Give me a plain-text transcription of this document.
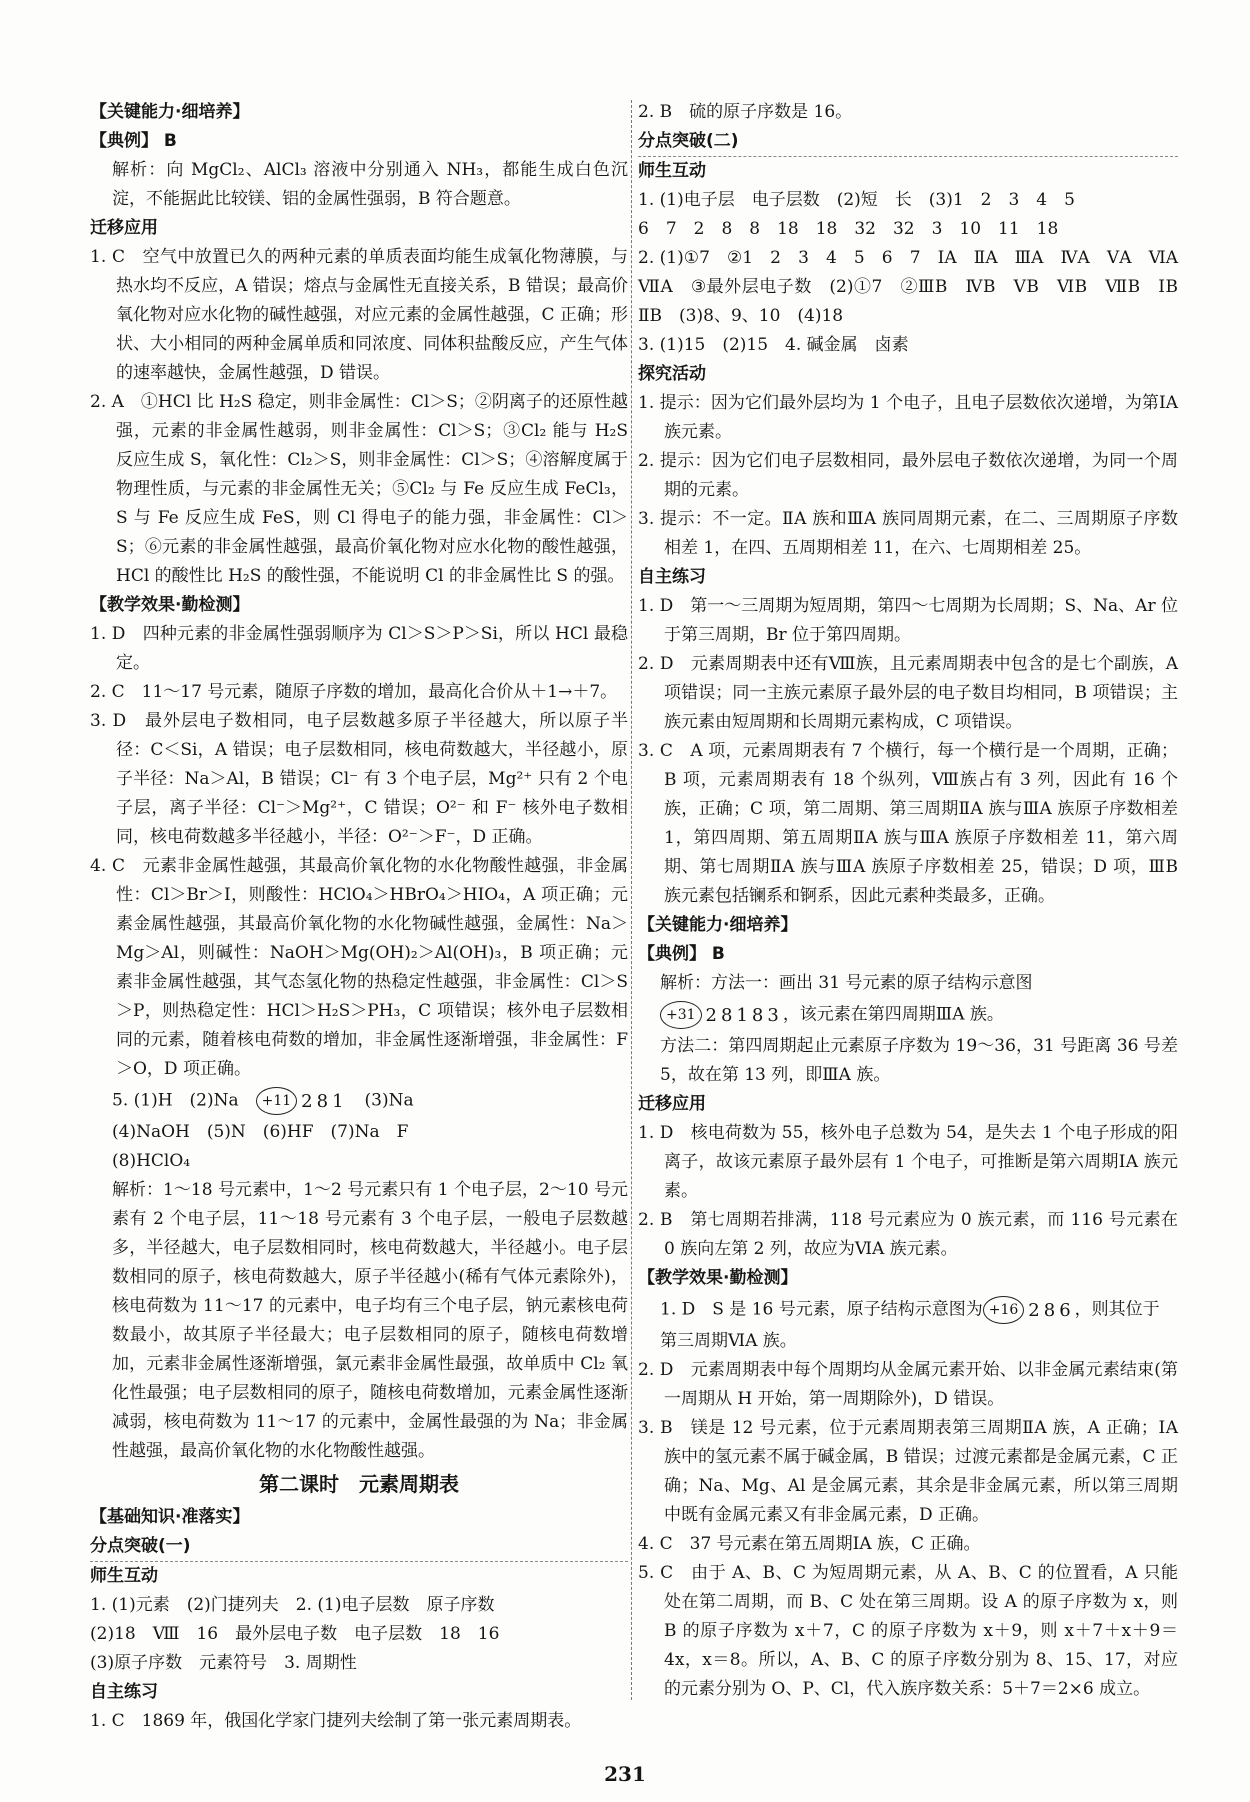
【关键能力·细培养】
【典例】 B
解析：向 MgCl₂、AlCl₃ 溶液中分别通入 NH₃，都能生成白色沉淀，不能据此比较镁、铝的金属性强弱，B 符合题意。
迁移应用
1. C　空气中放置已久的两种元素的单质表面均能生成氧化物薄膜，与热水均不反应，A 错误；熔点与金属性无直接关系，B 错误；最高价氧化物对应水化物的碱性越强，对应元素的金属性越强，C 正确；形状、大小相同的两种金属单质和同浓度、同体积盐酸反应，产生气体的速率越快，金属性越强，D 错误。
2. A　①HCl 比 H₂S 稳定，则非金属性：Cl＞S；②阴离子的还原性越强，元素的非金属性越弱，则非金属性：Cl＞S；③Cl₂ 能与 H₂S 反应生成 S，氧化性：Cl₂＞S，则非金属性：Cl＞S；④溶解度属于物理性质，与元素的非金属性无关；⑤Cl₂ 与 Fe 反应生成 FeCl₃，S 与 Fe 反应生成 FeS，则 Cl 得电子的能力强，非金属性：Cl＞S；⑥元素的非金属性越强，最高价氧化物对应水化物的酸性越强，HCl 的酸性比 H₂S 的酸性强，不能说明 Cl 的非金属性比 S 的强。
【教学效果·勤检测】
1. D　四种元素的非金属性强弱顺序为 Cl＞S＞P＞Si，所以 HCl 最稳定。
2. C　11～17 号元素，随原子序数的增加，最高化合价从＋1→＋7。
3. D　最外层电子数相同，电子层数越多原子半径越大，所以原子半径：C＜Si，A 错误；电子层数相同，核电荷数越大，半径越小，原子半径：Na＞Al，B 错误；Cl⁻ 有 3 个电子层，Mg²⁺ 只有 2 个电子层，离子半径：Cl⁻＞Mg²⁺，C 错误；O²⁻ 和 F⁻ 核外电子数相同，核电荷数越多半径越小，半径：O²⁻＞F⁻，D 正确。
4. C　元素非金属性越强，其最高价氧化物的水化物酸性越强，非金属性：Cl＞Br＞I，则酸性：HClO₄＞HBrO₄＞HIO₄，A 项正确；元素金属性越强，其最高价氧化物的水化物碱性越强，金属性：Na＞Mg＞Al，则碱性：NaOH＞Mg(OH)₂＞Al(OH)₃，B 项正确；元素非金属性越强，其气态氢化物的热稳定性越强，非金属性：Cl＞S＞P，则热稳定性：HCl＞H₂S＞PH₃，C 项错误；核外电子层数相同的元素，随着核电荷数的增加，非金属性逐渐增强，非金属性：F＞O，D 项正确。
5. (1)H　(2)Na　 +11 281 　(3)Na
(4)NaOH　(5)N　(6)HF　(7)Na　F
(8)HClO₄
解析：1～18 号元素中，1～2 号元素只有 1 个电子层，2～10 号元素有 2 个电子层，11～18 号元素有 3 个电子层，一般电子层数越多，半径越大，电子层数相同时，核电荷数越大，半径越小。电子层数相同的原子，核电荷数越大，原子半径越小(稀有气体元素除外)，核电荷数为 11～17 的元素中，电子均有三个电子层，钠元素核电荷数最小，故其原子半径最大；电子层数相同的原子，随核电荷数增加，元素非金属性逐渐增强，氯元素非金属性最强，故单质中 Cl₂ 氧化性最强；电子层数相同的原子，随核电荷数增加，元素金属性逐渐减弱，核电荷数为 11～17 的元素中，金属性最强的为 Na；非金属性越强，最高价氧化物的水化物酸性越强。
第二课时　元素周期表
【基础知识·准落实】
分点突破(一)
师生互动
1. (1)元素　(2)门捷列夫　2. (1)电子层数　原子序数
(2)18　Ⅷ　16　最外层电子数　电子层数　18　16
(3)原子序数　元素符号　3. 周期性
自主练习
1. C　1869 年，俄国化学家门捷列夫绘制了第一张元素周期表。
2. B　硫的原子序数是 16。
分点突破(二)
师生互动
1. (1)电子层　电子层数　(2)短　长　(3)1　2　3　4　5
6　7　2　8　8　18　18　32　32　3　10　11　18
2. (1)①7　②1　2　3　4　5　6　7　ⅠA　ⅡA　ⅢA　ⅣA　ⅤA　ⅥA　ⅦA　③最外层电子数　(2)①7　②ⅢB　ⅣB　ⅤB　ⅥB　ⅦB　ⅠB　ⅡB　(3)8、9、10　(4)18
3. (1)15　(2)15　4. 碱金属　卤素
探究活动
1. 提示：因为它们最外层均为 1 个电子，且电子层数依次递增，为第ⅠA 族元素。
2. 提示：因为它们电子层数相同，最外层电子数依次递增，为同一个周期的元素。
3. 提示：不一定。ⅡA 族和ⅢA 族同周期元素，在二、三周期原子序数相差 1，在四、五周期相差 11，在六、七周期相差 25。
自主练习
1. D　第一～三周期为短周期，第四～七周期为长周期；S、Na、Ar 位于第三周期，Br 位于第四周期。
2. D　元素周期表中还有Ⅷ族，且元素周期表中包含的是七个副族，A 项错误；同一主族元素原子最外层的电子数目均相同，B 项错误；主族元素由短周期和长周期元素构成，C 项错误。
3. C　A 项，元素周期表有 7 个横行，每一个横行是一个周期，正确；B 项，元素周期表有 18 个纵列，Ⅷ族占有 3 列，因此有 16 个族，正确；C 项，第二周期、第三周期ⅡA 族与ⅢA 族原子序数相差 1，第四周期、第五周期ⅡA 族与ⅢA 族原子序数相差 11，第六周期、第七周期ⅡA 族与ⅢA 族原子序数相差 25，错误；D 项，ⅢB 族元素包括镧系和锕系，因此元素种类最多，正确。
【关键能力·细培养】
【典例】 B
解析：方法一：画出 31 号元素的原子结构示意图
+31 28183 ，该元素在第四周期ⅢA 族。
方法二：第四周期起止元素原子序数为 19～36，31 号距离 36 号差 5，故在第 13 列，即ⅢA 族。
迁移应用
1. D　核电荷数为 55，核外电子总数为 54，是失去 1 个电子形成的阳离子，故该元素原子最外层有 1 个电子，可推断是第六周期ⅠA 族元素。
2. B　第七周期若排满，118 号元素应为 0 族元素，而 116 号元素在 0 族向左第 2 列，故应为ⅥA 族元素。
【教学效果·勤检测】
1. D　S 是 16 号元素，原子结构示意图为 +16 286 ，则其位于
第三周期ⅥA 族。
2. D　元素周期表中每个周期均从金属元素开始、以非金属元素结束(第一周期从 H 开始，第一周期除外)，D 错误。
3. B　镁是 12 号元素，位于元素周期表第三周期ⅡA 族，A 正确；ⅠA 族中的氢元素不属于碱金属，B 错误；过渡元素都是金属元素，C 正确；Na、Mg、Al 是金属元素，其余是非金属元素，所以第三周期中既有金属元素又有非金属元素，D 正确。
4. C　37 号元素在第五周期ⅠA 族，C 正确。
5. C　由于 A、B、C 为短周期元素，从 A、B、C 的位置看，A 只能处在第二周期，而 B、C 处在第三周期。设 A 的原子序数为 x，则 B 的原子序数为 x＋7，C 的原子序数为 x＋9，则 x＋7＋x＋9＝4x，x＝8。所以，A、B、C 的原子序数分别为 8、15、17，对应的元素分别为 O、P、Cl，代入族序数关系：5＋7＝2×6 成立。
231
